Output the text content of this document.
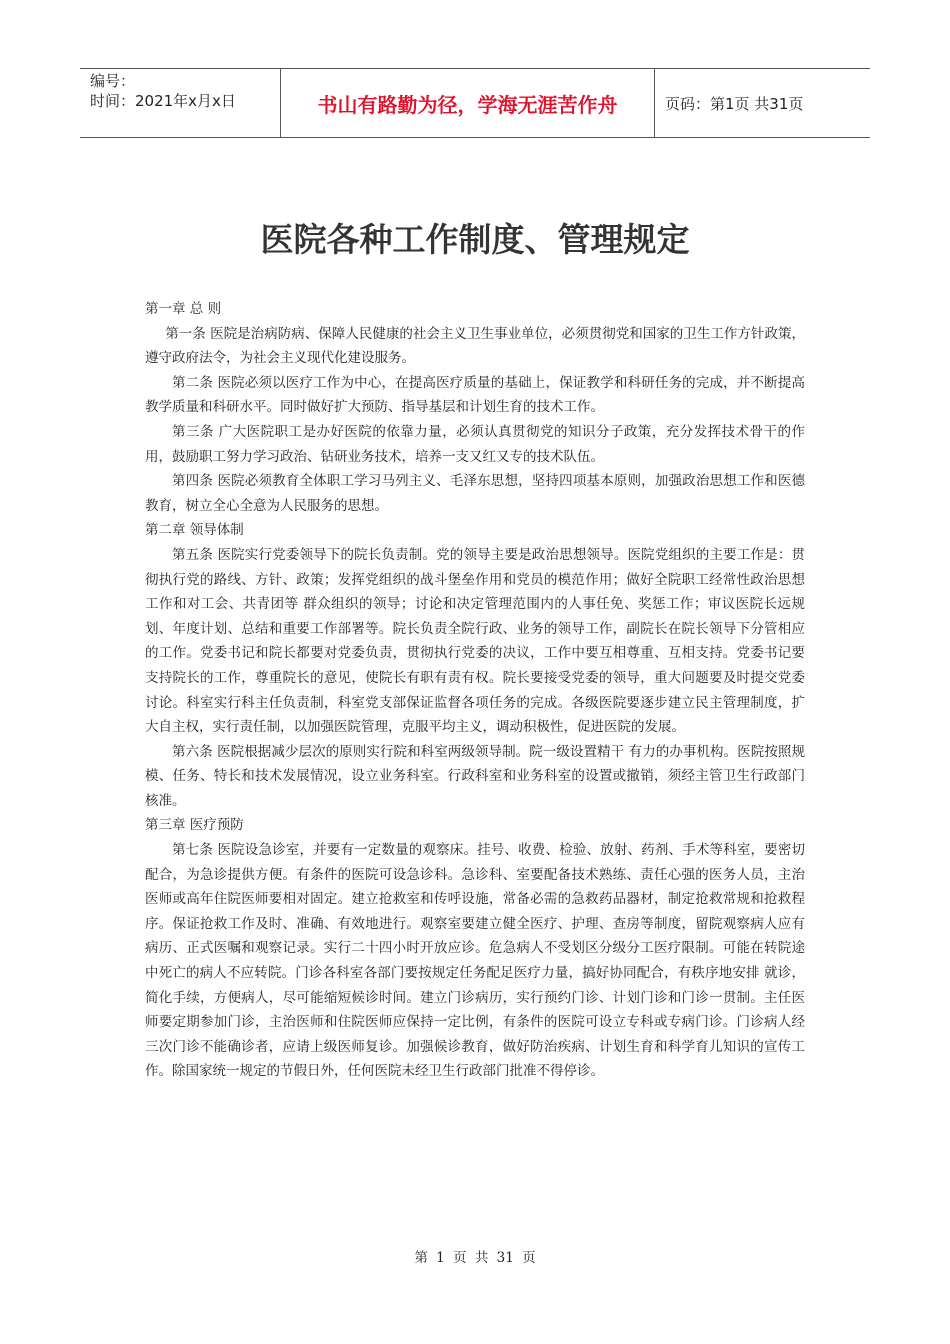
编号：
时间：2021年x月x日	书山有路勤为径，学海无涯苦作舟	页码：第1页 共31页
医院各种工作制度、管理规定

第一章 总 则

第一条 医院是治病防病、保障人民健康的社会主义卫生事业单位，必须贯彻党和国家的卫生工作方针政策，遵守政府法令，为社会主义现代化建设服务。

第二条 医院必须以医疗工作为中心，在提高医疗质量的基础上，保证教学和科研任务的完成，并不断提高教学质量和科研水平。同时做好扩大预防、指导基层和计划生育的技术工作。

第三条 广大医院职工是办好医院的依靠力量，必须认真贯彻党的知识分子政策，充分发挥技术骨干的作用，鼓励职工努力学习政治、钻研业务技术，培养一支又红又专的技术队伍。

第四条 医院必须教育全体职工学习马列主义、毛泽东思想，坚持四项基本原则，加强政治思想工作和医德教育，树立全心全意为人民服务的思想。

第二章 领导体制

第五条 医院实行党委领导下的院长负责制。党的领导主要是政治思想领导。医院党组织的主要工作是：贯彻执行党的路线、方针、政策；发挥党组织的战斗堡垒作用和党员的模范作用；做好全院职工经常性政治思想工作和对工会、共青团等 群众组织的领导；讨论和决定管理范围内的人事任免、奖惩工作；审议医院长远规划、年度计划、总结和重要工作部署等。院长负责全院行政、业务的领导工作，副院长在院长领导下分管相应的工作。党委书记和院长都要对党委负责，贯彻执行党委的决议，工作中要互相尊重、互相支持。党委书记要支持院长的工作，尊重院长的意见，使院长有职有责有权。院长要接受党委的领导，重大问题要及时提交党委讨论。科室实行科主任负责制，科室党支部保证监督各项任务的完成。各级医院要逐步建立民主管理制度，扩大自主权，实行责任制，以加强医院管理，克服平均主义，调动积极性，促进医院的发展。

第六条 医院根据减少层次的原则实行院和科室两级领导制。院一级设置精干 有力的办事机构。医院按照规模、任务、特长和技术发展情况，设立业务科室。行政科室和业务科室的设置或撤销，须经主管卫生行政部门核准。

第三章 医疗预防

第七条 医院设急诊室，并要有一定数量的观察床。挂号、收费、检验、放射、药剂、手术等科室，要密切配合，为急诊提供方便。有条件的医院可设急诊科。急诊科、室要配备技术熟练、责任心强的医务人员，主治医师或高年住院医师要相对固定。建立抢救室和传呼设施，常备必需的急救药品器材，制定抢救常规和抢救程序。保证抢救工作及时、准确、有效地进行。观察室要建立健全医疗、护理、查房等制度，留院观察病人应有病历、正式医嘱和观察记录。实行二十四小时开放应诊。危急病人不受划区分级分工医疗限制。可能在转院途中死亡的病人不应转院。门诊各科室各部门要按规定任务配足医疗力量，搞好协同配合，有秩序地安排 就诊，简化手续，方便病人，尽可能缩短候诊时间。建立门诊病历，实行预约门诊、计划门诊和门诊一贯制。主任医师要定期参加门诊，主治医师和住院医师应保持一定比例，有条件的医院可设立专科或专病门诊。门诊病人经三次门诊不能确诊者，应请上级医师复诊。加强候诊教育，做好防治疾病、计划生育和科学育儿知识的宣传工作。除国家统一规定的节假日外，任何医院未经卫生行政部门批准不得停诊。

第 1 页 共 31 页
